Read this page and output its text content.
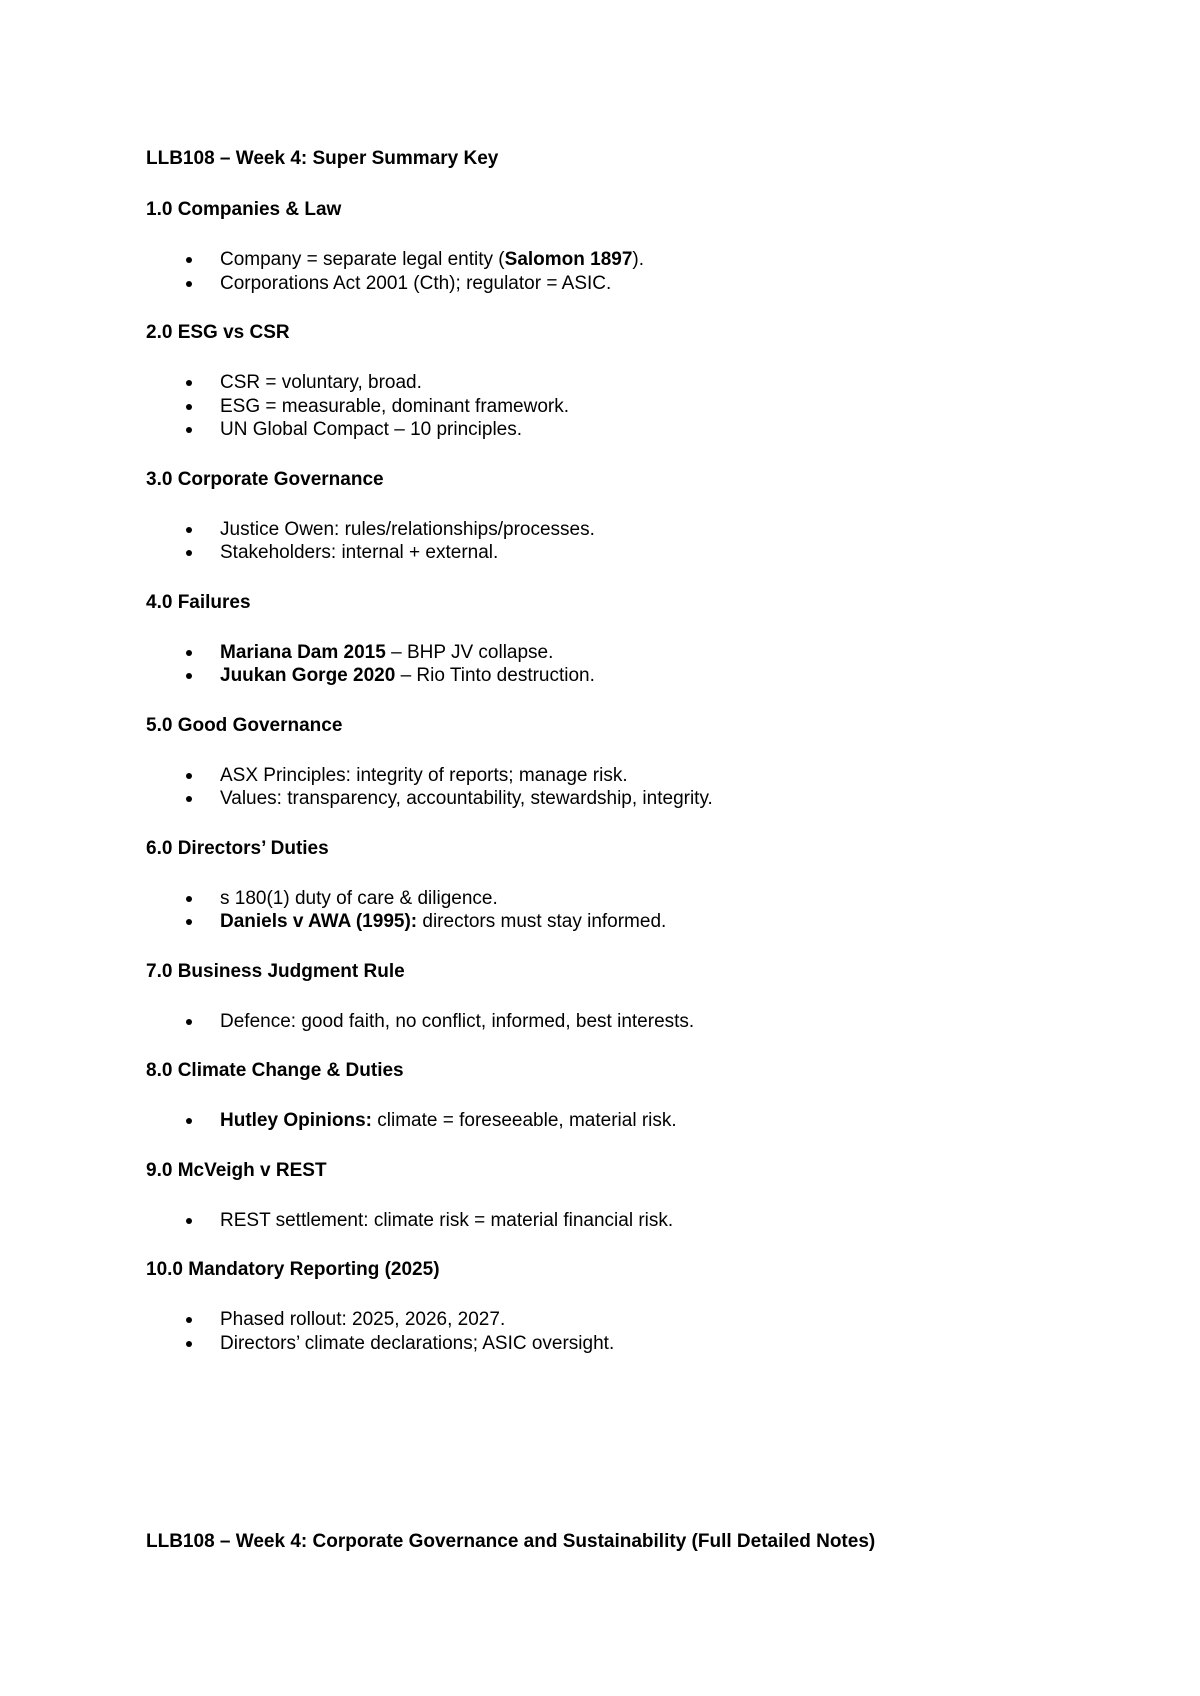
LLB108 – Week 4: Super Summary Key
1.0 Companies & Law
Company = separate legal entity (Salomon 1897).
Corporations Act 2001 (Cth); regulator = ASIC.
2.0 ESG vs CSR
CSR = voluntary, broad.
ESG = measurable, dominant framework.
UN Global Compact – 10 principles.
3.0 Corporate Governance
Justice Owen: rules/relationships/processes.
Stakeholders: internal + external.
4.0 Failures
Mariana Dam 2015 – BHP JV collapse.
Juukan Gorge 2020 – Rio Tinto destruction.
5.0 Good Governance
ASX Principles: integrity of reports; manage risk.
Values: transparency, accountability, stewardship, integrity.
6.0 Directors’ Duties
s 180(1) duty of care & diligence.
Daniels v AWA (1995): directors must stay informed.
7.0 Business Judgment Rule
Defence: good faith, no conflict, informed, best interests.
8.0 Climate Change & Duties
Hutley Opinions: climate = foreseeable, material risk.
9.0 McVeigh v REST
REST settlement: climate risk = material financial risk.
10.0 Mandatory Reporting (2025)
Phased rollout: 2025, 2026, 2027.
Directors’ climate declarations; ASIC oversight.
LLB108 – Week 4: Corporate Governance and Sustainability (Full Detailed Notes)
